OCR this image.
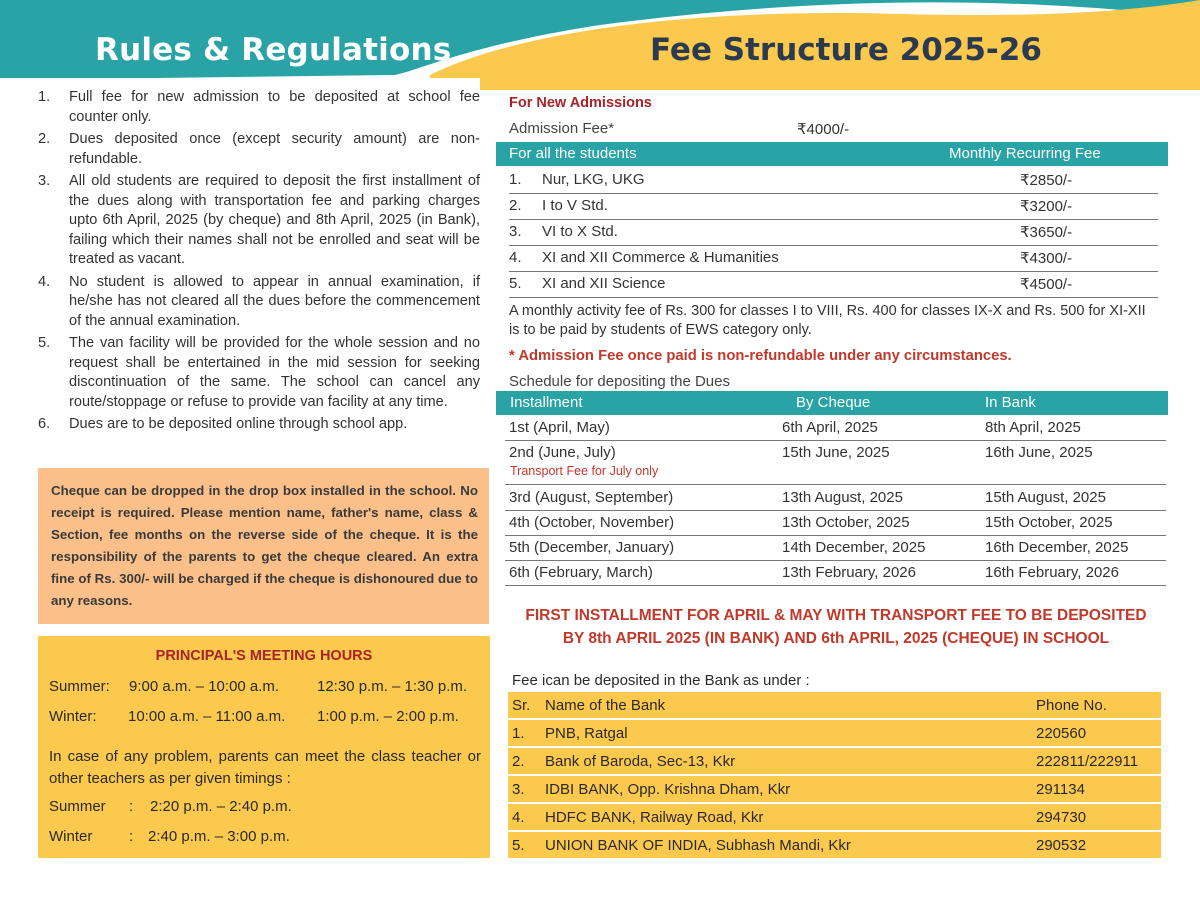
Rules & Regulations	Fee Structure 2025-26
1. Full fee for new admission to be deposited at school fee counter only.
2. Dues deposited once (except security amount) are non-refundable.
3. All old students are required to deposit the first installment of the dues along with transportation fee and parking charges upto 6th April, 2025 (by cheque) and 8th April, 2025 (in Bank), failing which their names shall not be enrolled and seat will be treated as vacant.
4. No student is allowed to appear in annual examination, if he/she has not cleared all the dues before the commencement of the annual examination.
5. The van facility will be provided for the whole session and no request shall be entertained in the mid session for seeking discontinuation of the same. The school can cancel any route/stoppage or refuse to provide van facility at any time.
6. Dues are to be deposited online through school app.
Cheque can be dropped in the drop box installed in the school. No receipt is required. Please mention name, father's name, class & Section, fee months on the reverse side of the cheque. It is the responsibility of the parents to get the cheque cleared. An extra fine of Rs. 300/- will be charged if the cheque is dishonoured due to any reasons.
PRINCIPAL'S MEETING HOURS
Summer: 9:00 a.m. – 10:00 a.m.	12:30 p.m. – 1:30 p.m.
Winter: 10:00 a.m. – 11:00 a.m. 1:00 p.m. – 2:00 p.m.
In case of any problem, parents can meet the class teacher or other teachers as per given timings :
Summer : 2:20 p.m. – 2:40 p.m.
Winter : 2:40 p.m. – 3:00 p.m.
For New Admissions
Admission Fee*	₹4000/-
For all the students	Monthly Recurring Fee
1. Nur, LKG, UKG	₹2850/-
2. I to V Std.	₹3200/-
3. VI to X Std.	₹3650/-
4. XI and XII Commerce & Humanities	₹4300/-
5. XI and XII Science	₹4500/-
A monthly activity fee of Rs. 300 for classes I to VIII, Rs. 400 for classes IX-X and Rs. 500 for XI-XII is to be paid by students of EWS category only.
* Admission Fee once paid is non-refundable under any circumstances.
Schedule for depositing the Dues
Installment	By Cheque	In Bank
1st (April, May)	6th April, 2025	8th April, 2025
2nd (June, July)	15th June, 2025	16th June, 2025
Transport Fee for July only
3rd (August, September)	13th August, 2025	15th August, 2025
4th (October, November)	13th October, 2025	15th October, 2025
5th (December, January)	14th December, 2025	16th December, 2025
6th (February, March)	13th February, 2026	16th February, 2026
FIRST INSTALLMENT FOR APRIL & MAY WITH TRANSPORT FEE TO BE DEPOSITED
BY 8th APRIL 2025 (IN BANK) AND 6th APRIL, 2025 (CHEQUE) IN SCHOOL
Fee ican be deposited in the Bank as under :
Sr. Name of the Bank	Phone No.
1. PNB, Ratgal	220560
2. Bank of Baroda, Sec-13, Kkr	222811/222911
3. IDBI BANK, Opp. Krishna Dham, Kkr	291134
4. HDFC BANK, Railway Road, Kkr	294730
5. UNION BANK OF INDIA, Subhash Mandi, Kkr	290532
